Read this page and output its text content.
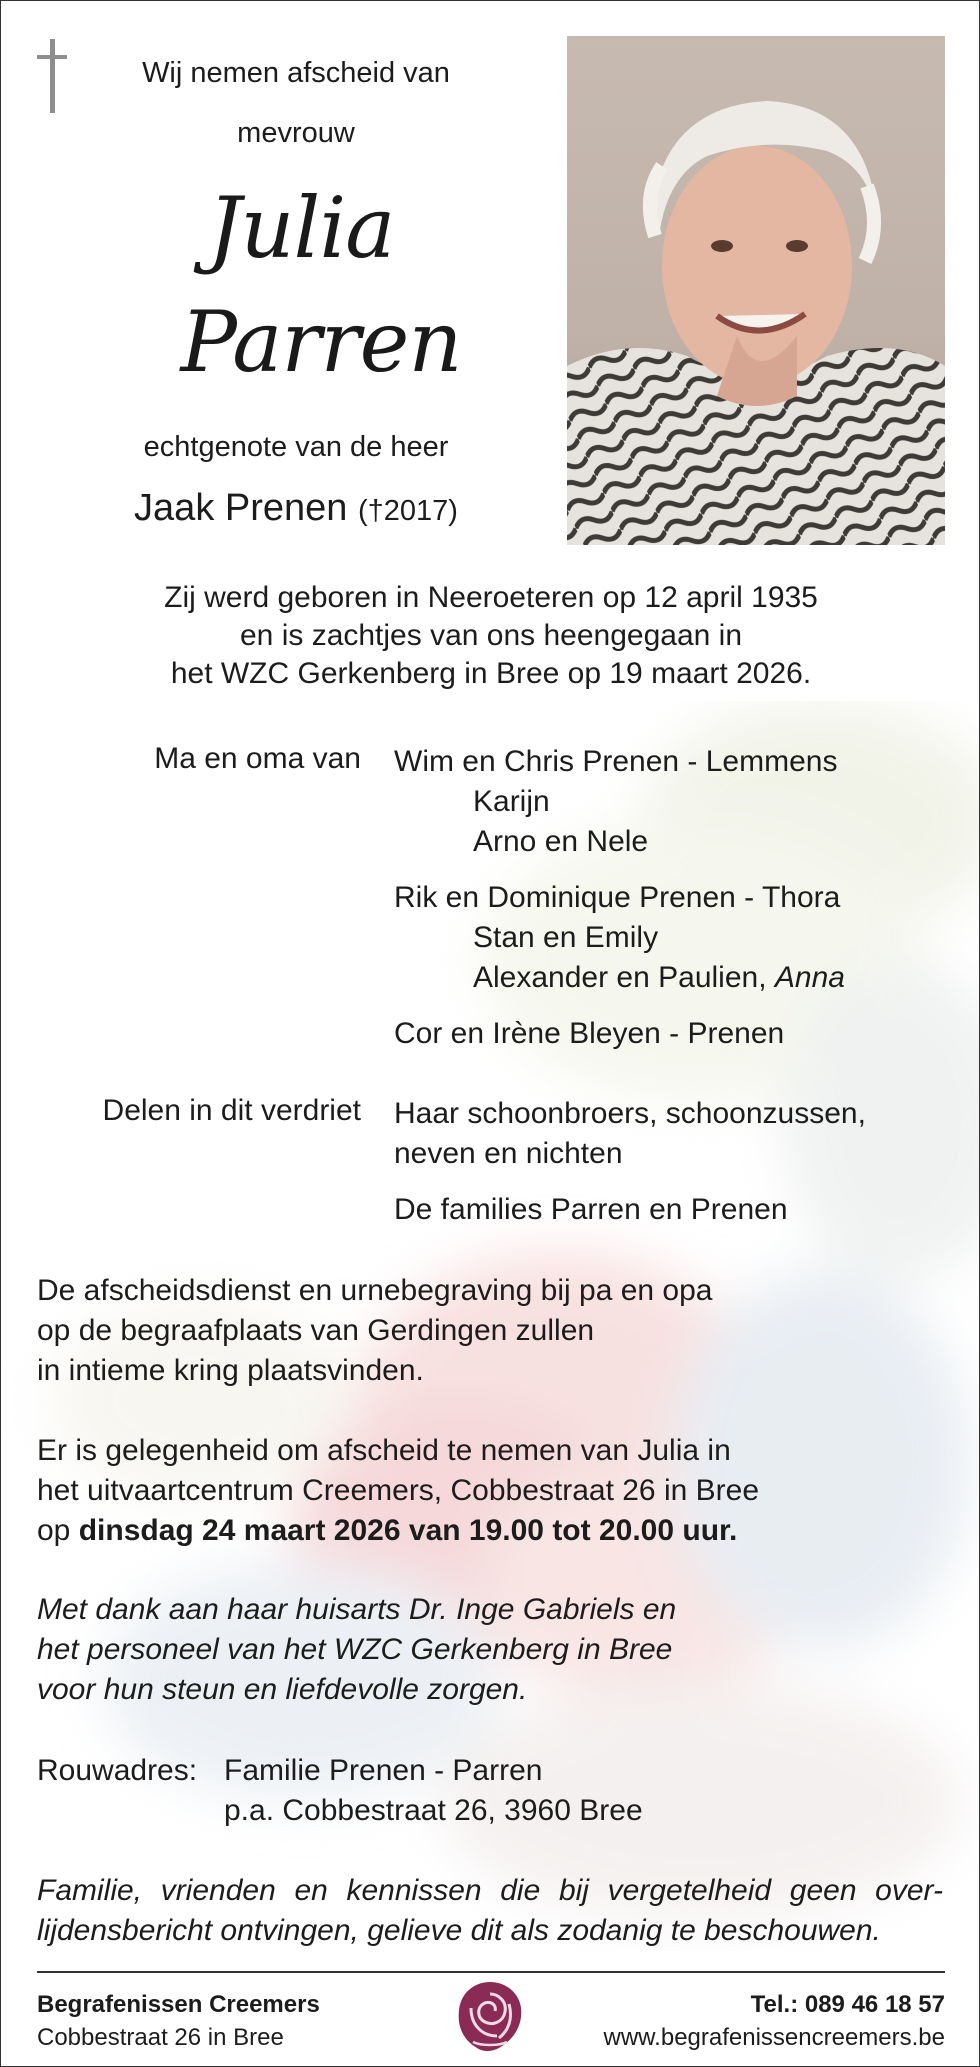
Wij nemen afscheid van
mevrouw
Julia
Parren
echtgenote van de heer
Jaak Prenen (†2017)
Zij werd geboren in Neeroeteren op 12 april 1935
en is zachtjes van ons heengegaan in
het WZC Gerkenberg in Bree op 19 maart 2026.
Ma en oma van Wim en Chris Prenen - Lemmens
Karijn
Arno en Nele
Rik en Dominique Prenen - Thora
Stan en Emily
Alexander en Paulien, Anna
Cor en Irène Bleyen - Prenen
Delen in dit verdriet Haar schoonbroers, schoonzussen,
neven en nichten
De families Parren en Prenen
De afscheidsdienst en urnebegraving bij pa en opa
op de begraafplaats van Gerdingen zullen
in intieme kring plaatsvinden.
Er is gelegenheid om afscheid te nemen van Julia in
het uitvaartcentrum Creemers, Cobbestraat 26 in Bree
op dinsdag 24 maart 2026 van 19.00 tot 20.00 uur.
Met dank aan haar huisarts Dr. Inge Gabriels en
het personeel van het WZC Gerkenberg in Bree
voor hun steun en liefdevolle zorgen.
Rouwadres: Familie Prenen - Parren
p.a. Cobbestraat 26, 3960 Bree
Familie, vrienden en kennissen die bij vergetelheid geen over-
lijdensbericht ontvingen, gelieve dit als zodanig te beschouwen.
Begrafenissen Creemers
Cobbestraat 26 in Bree
Tel.: 089 46 18 57
www.begrafenissencreemers.be
